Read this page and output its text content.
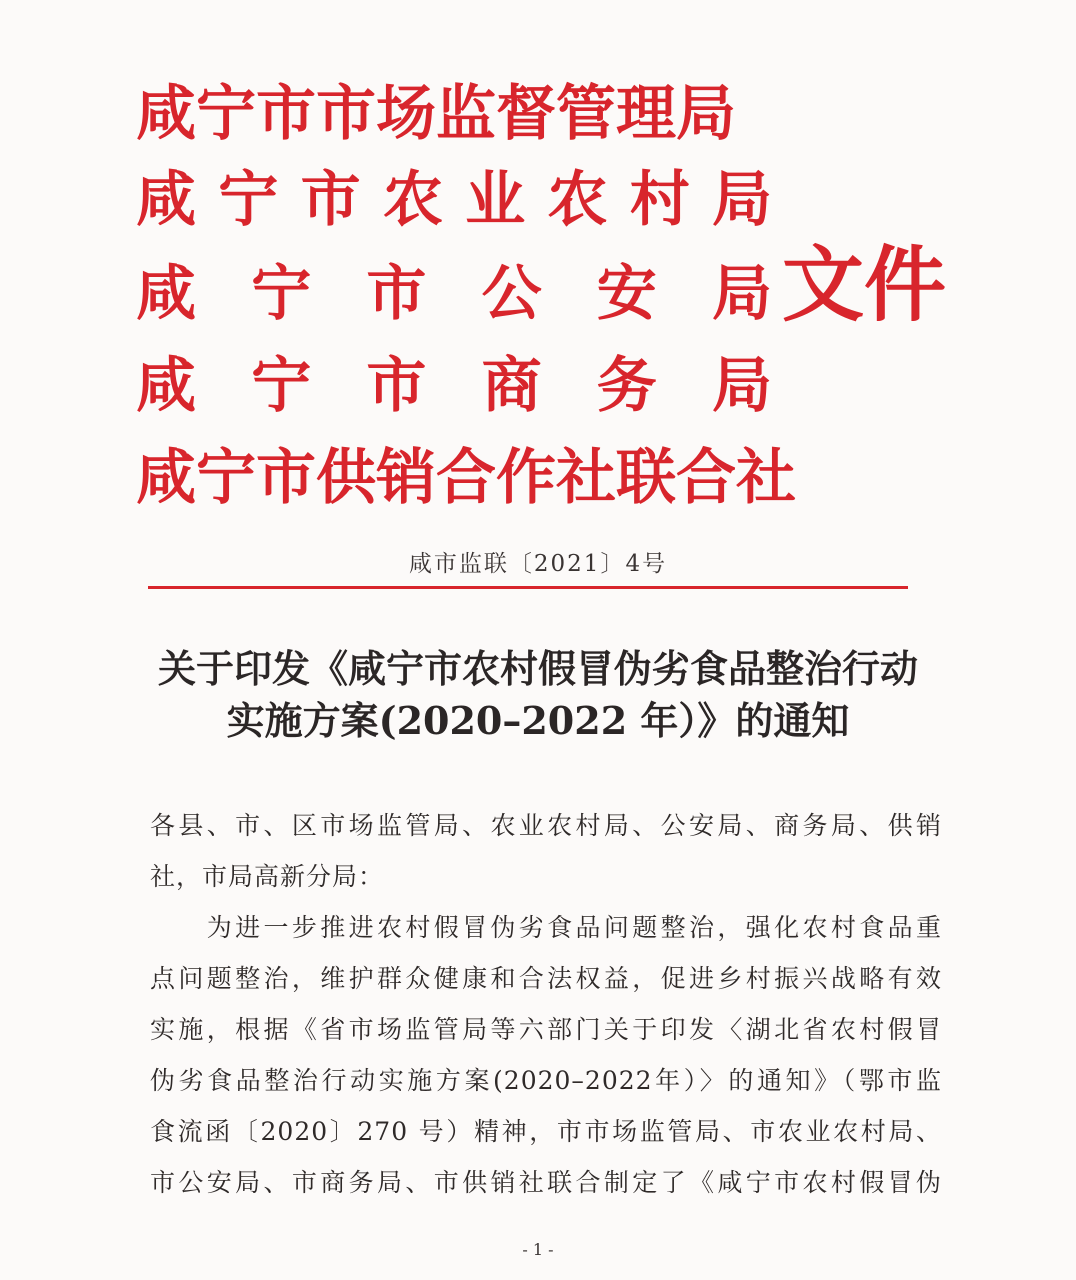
咸宁市市场监督管理局
咸 宁 市 农 业 农 村 局
咸 宁 市 公 安 局
咸 宁 市 商 务 局
咸宁市供销合作社联合社
文件
咸市监联〔2021〕4号
关于印发《咸宁市农村假冒伪劣食品整治行动
实施方案(2020–2022 年）》的通知

各县、市、区市场监管局、农业农村局、公安局、商务局、供销

社，市局高新分局：

　　为进一步推进农村假冒伪劣食品问题整治，强化农村食品重

点问题整治，维护群众健康和合法权益，促进乡村振兴战略有效

实施，根据《省市场监管局等六部门关于印发〈湖北省农村假冒

伪劣食品整治行动实施方案(2020–2022年）〉的通知》（鄂市监

食流函〔2020〕270 号）精神，市市场监管局、市农业农村局、

市公安局、市商务局、市供销社联合制定了《咸宁市农村假冒伪

- 1 -
